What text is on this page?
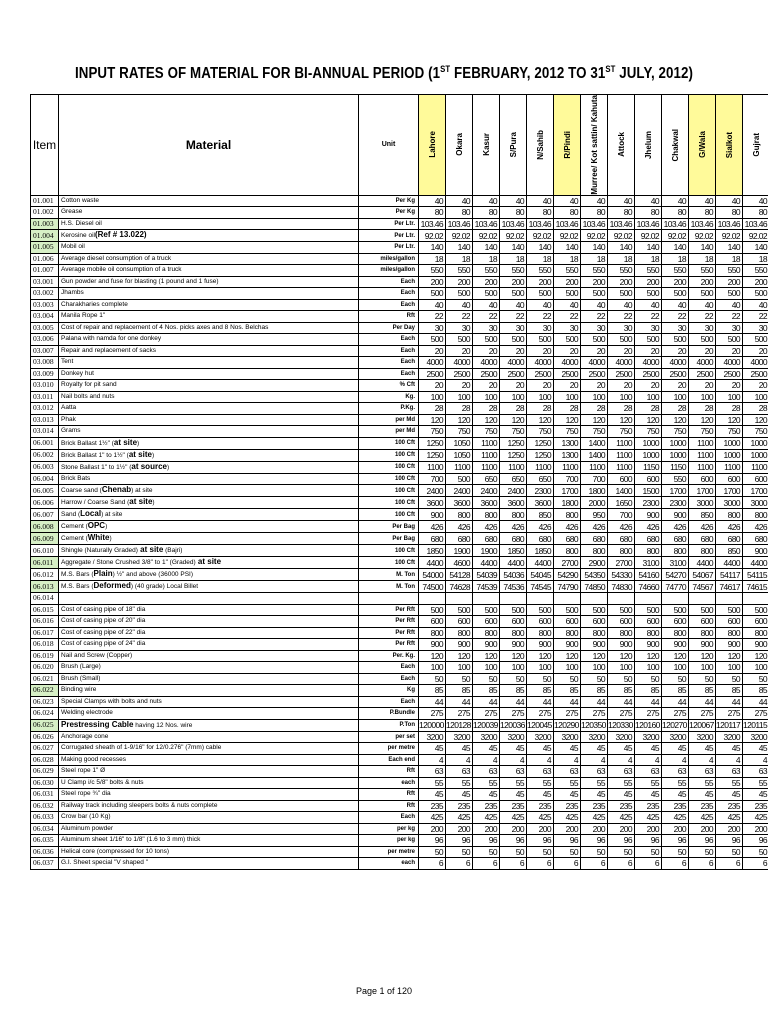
INPUT RATES OF MATERIAL FOR BI-ANNUAL PERIOD (1ST FEBRUARY, 2012 TO 31ST JULY, 2012)
Item	Material	Unit	Lahore	Okara	Kasur	S/Pura	N/Sahib	R/Pindi	Murree/ Kot sattin/ Kahuta	Attock	Jhelum	Chakwal	G/Wala	Sialkot	Gujrat

01.001	Cotton waste	Per Kg	40	40	40	40	40	40	40	40	40	40	40	40	40
01.002	Grease	Per Kg	80	80	80	80	80	80	80	80	80	80	80	80	80
01.003	H.S. Diesel oil	Per Ltr.	103.46	103.46	103.46	103.46	103.46	103.46	103.46	103.46	103.46	103.46	103.46	103.46	103.46
01.004	Kerosine oil(Ref # 13.022)	Per Ltr.	92.02	92.02	92.02	92.02	92.02	92.02	92.02	92.02	92.02	92.02	92.02	92.02	92.02
01.005	Mobil oil	Per Ltr.	140	140	140	140	140	140	140	140	140	140	140	140	140
01.006	Average diesel consumption of a truck	miles/gallon	18	18	18	18	18	18	18	18	18	18	18	18	18
01.007	Average mobile oil consumption of a truck	miles/gallon	550	550	550	550	550	550	550	550	550	550	550	550	550
03.001	Gun powder and fuse for blasting (1 pound and 1 fuse)	Each	200	200	200	200	200	200	200	200	200	200	200	200	200
03.002	Jhambs	Each	500	500	500	500	500	500	500	500	500	500	500	500	500
03.003	Charakharies complete	Each	40	40	40	40	40	40	40	40	40	40	40	40	40
03.004	Manila Rope 1"	Rft	22	22	22	22	22	22	22	22	22	22	22	22	22
03.005	Cost of repair and replacement of 4 Nos. picks axes and 8 Nos. Belchas	Per Day	30	30	30	30	30	30	30	30	30	30	30	30	30
03.006	Palana with namda for one donkey	Each	500	500	500	500	500	500	500	500	500	500	500	500	500
03.007	Repair and replacement of sacks	Each	20	20	20	20	20	20	20	20	20	20	20	20	20
03.008	Tent	Each	4000	4000	4000	4000	4000	4000	4000	4000	4000	4000	4000	4000	4000
03.009	Donkey hut	Each	2500	2500	2500	2500	2500	2500	2500	2500	2500	2500	2500	2500	2500
03.010	Royalty for pit sand	% Cft	20	20	20	20	20	20	20	20	20	20	20	20	20
03.011	Nail bolts and nuts	Kg.	100	100	100	100	100	100	100	100	100	100	100	100	100
03.012	Aatta	P.Kg.	28	28	28	28	28	28	28	28	28	28	28	28	28
03.013	Phak	per Md	120	120	120	120	120	120	120	120	120	120	120	120	120
03.014	Grams	per Md	750	750	750	750	750	750	750	750	750	750	750	750	750
06.001	Brick Ballast 1½" (at site)	100 Cft	1250	1050	1100	1250	1250	1300	1400	1100	1000	1000	1100	1000	1000
06.002	Brick Ballast 1" to 1½" (at site)	100 Cft	1250	1050	1100	1250	1250	1300	1400	1100	1000	1000	1100	1000	1000
06.003	Stone Ballast 1" to 1½" (at source)	100 Cft	1100	1100	1100	1100	1100	1100	1100	1100	1150	1150	1100	1100	1100
06.004	Brick Bats	100 Cft	700	500	650	650	650	700	700	600	600	550	600	600	600
06.005	Coarse sand (Chenab) at site	100 Cft	2400	2400	2400	2400	2300	1700	1800	1400	1500	1700	1700	1700	1700
06.006	Harrow / Coarse Sand (at site)	100 Cft	3600	3600	3600	3600	3600	1800	2000	1650	2300	2300	3000	3000	3000
06.007	Sand (Local) at site	100 Cft	900	800	800	800	850	800	950	700	900	900	850	800	800
06.008	Cement (OPC)	Per Bag	426	426	426	426	426	426	426	426	426	426	426	426	426
06.009	Cement (White)	Per Bag	680	680	680	680	680	680	680	680	680	680	680	680	680
06.010	Shingle (Naturally Graded) at site (Bajri)	100 Cft	1850	1900	1900	1850	1850	800	800	800	800	800	800	850	900
06.011	Aggregate / Stone Crushed 3/8" to 1" (Graded) at site	100 Cft	4400	4600	4400	4400	4400	2700	2900	2700	3100	3100	4400	4400	4400
06.012	M.S. Bars (Plain) ½" and above (36000 PSI)	M. Ton	54000	54128	54039	54036	54045	54290	54350	54330	54160	54270	54067	54117	54115
06.013	M.S. Bars (Deformed) (40 grade) Local Billet	M. Ton	74500	74628	74539	74536	74545	74790	74850	74830	74660	74770	74567	74617	74615
06.014															
06.015	Cost of casing pipe of 18" dia	Per Rft	500	500	500	500	500	500	500	500	500	500	500	500	500
06.016	Cost of casing pipe of 20" dia	Per Rft	600	600	600	600	600	600	600	600	600	600	600	600	600
06.017	Cost of casing pipe of 22" dia	Per Rft	800	800	800	800	800	800	800	800	800	800	800	800	800
06.018	Cost of casing pipe of 24" dia	Per Rft	900	900	900	900	900	900	900	900	900	900	900	900	900
06.019	Nail and Screw (Copper)	Per. Kg.	120	120	120	120	120	120	120	120	120	120	120	120	120
06.020	Brush (Large)	Each	100	100	100	100	100	100	100	100	100	100	100	100	100
06.021	Brush (Small)	Each	50	50	50	50	50	50	50	50	50	50	50	50	50
06.022	Binding wire	Kg	85	85	85	85	85	85	85	85	85	85	85	85	85
06.023	Special Clamps with bolts and nuts	Each	44	44	44	44	44	44	44	44	44	44	44	44	44
06.024	Welding electrode	P.Bundle	275	275	275	275	275	275	275	275	275	275	275	275	275
06.025	Prestressing Cable having 12 Nos. wire	P.Ton	120000	120128	120039	120036	120045	120290	120350	120330	120160	120270	120067	120117	120115
06.026	Anchorage cone	per set	3200	3200	3200	3200	3200	3200	3200	3200	3200	3200	3200	3200	3200
06.027	Corrugated sheath of 1-9/16" for 12/0.276" (7mm) cable	per metre	45	45	45	45	45	45	45	45	45	45	45	45	45
06.028	Making good recesses	Each end	4	4	4	4	4	4	4	4	4	4	4	4	4
06.029	Steel rope 1" Ø	Rft	63	63	63	63	63	63	63	63	63	63	63	63	63
06.030	U Clamp i/c 5/8" bolts & nuts	each	55	55	55	55	55	55	55	55	55	55	55	55	55
06.031	Steel rope ¾" dia	Rft	45	45	45	45	45	45	45	45	45	45	45	45	45
06.032	Railway track including sleepers bolts & nuts complete	Rft	235	235	235	235	235	235	235	235	235	235	235	235	235
06.033	Crow bar (10 Kg)	Each	425	425	425	425	425	425	425	425	425	425	425	425	425
06.034	Aluminum powder	per kg	200	200	200	200	200	200	200	200	200	200	200	200	200
06.035	Aluminum sheet 1/16" to 1/8" (1.6 to 3 mm) thick	per kg	96	96	96	96	96	96	96	96	96	96	96	96	96
06.036	Helical core (compressed for 10 tons)	per metre	50	50	50	50	50	50	50	50	50	50	50	50	50
06.037	G.I. Sheet special "V shaped "	each	6	6	6	6	6	6	6	6	6	6	6	6	6
Page 1 of 120
